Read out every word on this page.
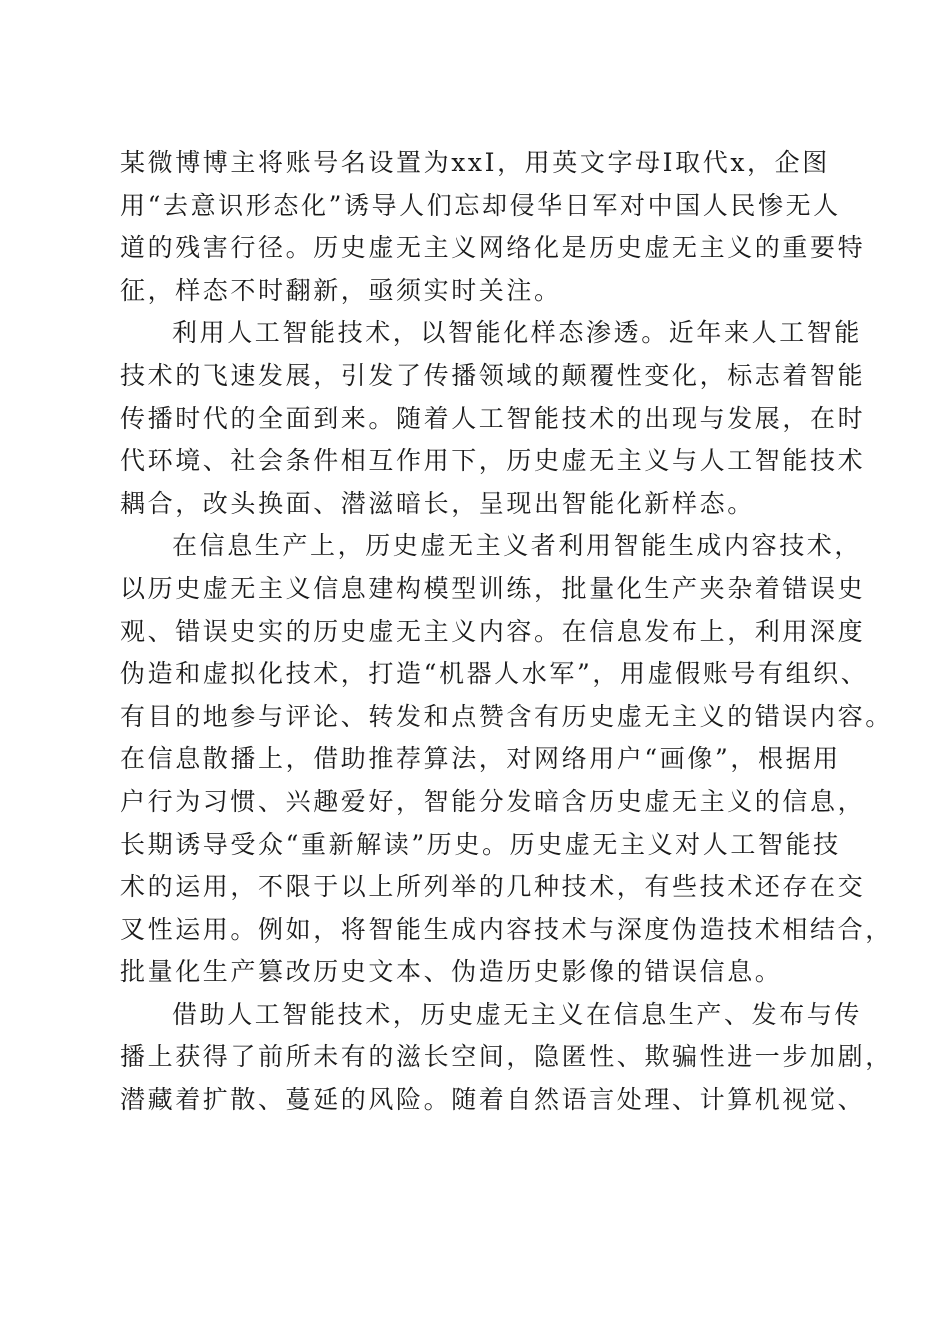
某微博博主将账号名设置为xxI，用英文字母I取代x，企图
用“去意识形态化”诱导人们忘却侵华日军对中国人民惨无人
道的残害行径。历史虚无主义网络化是历史虚无主义的重要特
征，样态不时翻新，亟须实时关注。
利用人工智能技术，以智能化样态渗透。近年来人工智能
技术的飞速发展，引发了传播领域的颠覆性变化，标志着智能
传播时代的全面到来。随着人工智能技术的出现与发展，在时
代环境、社会条件相互作用下，历史虚无主义与人工智能技术
耦合，改头换面、潜滋暗长，呈现出智能化新样态。
在信息生产上，历史虚无主义者利用智能生成内容技术，
以历史虚无主义信息建构模型训练，批量化生产夹杂着错误史
观、错误史实的历史虚无主义内容。在信息发布上，利用深度
伪造和虚拟化技术，打造“机器人水军”，用虚假账号有组织、
有目的地参与评论、转发和点赞含有历史虚无主义的错误内容。
在信息散播上，借助推荐算法，对网络用户“画像”，根据用
户行为习惯、兴趣爱好，智能分发暗含历史虚无主义的信息，
长期诱导受众“重新解读”历史。历史虚无主义对人工智能技
术的运用，不限于以上所列举的几种技术，有些技术还存在交
叉性运用。例如，将智能生成内容技术与深度伪造技术相结合，
批量化生产篡改历史文本、伪造历史影像的错误信息。
借助人工智能技术，历史虚无主义在信息生产、发布与传
播上获得了前所未有的滋长空间，隐匿性、欺骗性进一步加剧，
潜藏着扩散、蔓延的风险。随着自然语言处理、计算机视觉、
